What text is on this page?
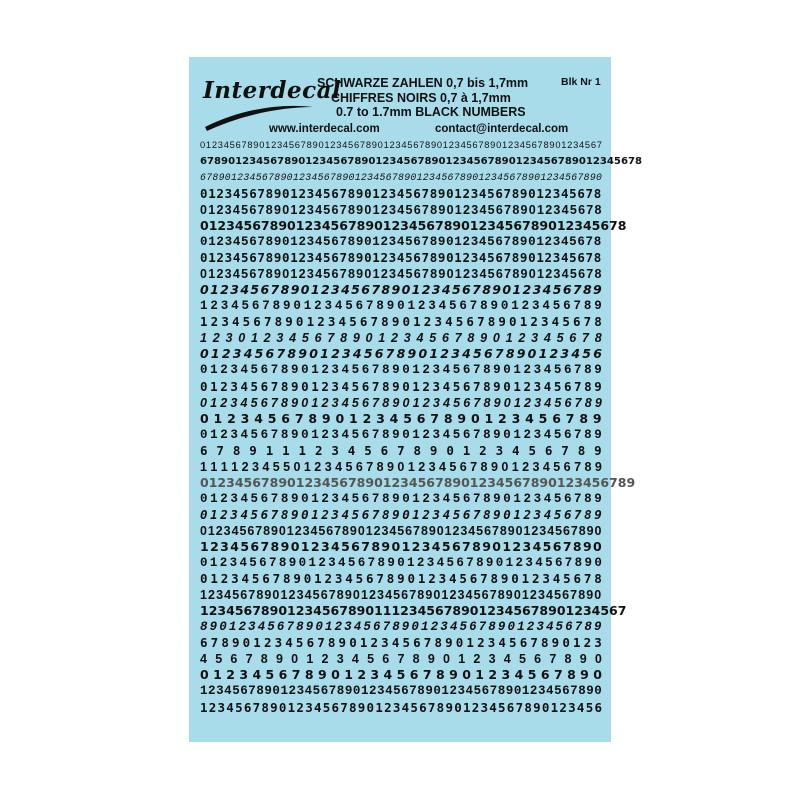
Interdecal
SCHWARZE ZAHLEN 0,7 bis 1,7mm
CHIFFRES NOIRS 0,7 à 1,7mm
0.7 to 1.7mm BLACK NUMBERS
Blk Nr 1
www.interdecal.com	contact@interdecal.com
0 1 2 3 4 5 6 7 8 9 0 1 2 3 4 5 6 7 8 9 0 1 2 3 4 5 6 7 8 9 0 1 2 3 4 5 6 7 8 9 0 1 2 3 4 5 6 7 8 9 0 1 2 3 4 5 6 7 8 9 0 1 2 3 4 5 6 7
6 7 8 9 0 1 2 3 4 5 6 7 8 9 0 1 2 3 4 5 6 7 8 9 0 1 2 3 4 5 6 7 8 9 0 1 2 3 4 5 6 7 8 9 0 1 2 3 4 5 6 7 8 9 0 1 2 3 4 5 6 7 8
6 7 8 9 0 1 2 3 4 5 6 7 8 9 0 1 2 3 4 5 6 7 8 9 0 1 2 3 4 5 6 7 8 9 0 1 2 3 4 5 6 7 8 9 0 1 2 3 4 5 6 7 8 9 0 1 2 3 4 5 6 7 8 9 0
0 1 2 3 4 5 6 7 8 9 0 1 2 3 4 5 6 7 8 9 0 1 2 3 4 5 6 7 8 9 0 1 2 3 4 5 6 7 8 9 0 1 2 3 4 5 6 7 8
0 1 2 3 4 5 6 7 8 9 0 1 2 3 4 5 6 7 8 9 0 1 2 3 4 5 6 7 8 9 0 1 2 3 4 5 6 7 8 9 0 1 2 3 4 5 6 7 8
0 1 2 3 4 5 6 7 8 9 0 1 2 3 4 5 6 7 8 9 0 1 2 3 4 5 6 7 8 9 0 1 2 3 4 5 6 7 8 9 0 1 2 3 4 5 6 7 8
0 1 2 3 4 5 6 7 8 9 0 1 2 3 4 5 6 7 8 9 0 1 2 3 4 5 6 7 8 9 0 1 2 3 4 5 6 7 8 9 0 1 2 3 4 5 6 7 8
0 1 2 3 4 5 6 7 8 9 0 1 2 3 4 5 6 7 8 9 0 1 2 3 4 5 6 7 8 9 0 1 2 3 4 5 6 7 8 9 0 1 2 3 4 5 6 7 8
0 1 2 3 4 5 6 7 8 9 0 1 2 3 4 5 6 7 8 9 0 1 2 3 4 5 6 7 8 9 0 1 2 3 4 5 6 7 8 9 0 1 2 3 4 5 6 7 8
0 1 2 3 4 5 6 7 8 9 0 1 2 3 4 5 6 7 8 9 0 1 2 3 4 5 6 7 8 9 0 1 2 3 4 5 6 7 8 9
1 2 3 4 5 6 7 8 9 0 1 2 3 4 5 6 7 8 9 0 1 2 3 4 5 6 7 8 9 0 1 2 3 4 5 6 7 8 9
1 2 3 4 5 6 7 8 9 0 1 2 3 4 5 6 7 8 9 0 1 2 3 4 5 6 7 8 9 0 1 2 3 4 5 6 7 8
1 2 3 0 1 2 3 4 5 6 7 8 9 0 1 2 3 4 5 6 7 8 9 0 1 2 3 4 5 6 7 8
0 1 2 3 4 5 6 7 8 9 0 1 2 3 4 5 6 7 8 9 0 1 2 3 4 5 6 7 8 9 0 1 2 3 4 5 6
0 1 2 3 4 5 6 7 8 9 0 1 2 3 4 5 6 7 8 9 0 1 2 3 4 5 6 7 8 9 0 1 2 3 4 5 6 7 8 9
0 1 2 3 4 5 6 7 8 9 0 1 2 3 4 5 6 7 8 9 0 1 2 3 4 5 6 7 8 9 0 1 2 3 4 5 6 7 8 9
0 1 2 3 4 5 6 7 8 9 0 1 2 3 4 5 6 7 8 9 0 1 2 3 4 5 6 7 8 9 0 1 2 3 4 5 6 7 8 9
0 1 2 3 4 5 6 7 8 9 0 1 2 3 4 5 6 7 8 9 0 1 2 3 4 5 6 7 8 9
0 1 2 3 4 5 6 7 8 9 0 1 2 3 4 5 6 7 8 9 0 1 2 3 4 5 6 7 8 9 0 1 2 3 4 5 6 7 8 9
6 7 8 9 1 1 1 2 3 4 5 6 7 8 9 0 1 2 3 4 5 6 7 8 9
1 1 1 1 2 3 4 5 5 0 1 2 3 4 5 6 7 8 9 0 1 2 3 4 5 6 7 8 9 0 1 2 3 4 5 6 7 8 9
0 1 2 3 4 5 6 7 8 9 0 1 2 3 4 5 6 7 8 9 0 1 2 3 4 5 6 7 8 9 0 1 2 3 4 5 6 7 8 9 0 1 2 3 4 5 6 7 8 9
0 1 2 3 4 5 6 7 8 9 0 1 2 3 4 5 6 7 8 9 0 1 2 3 4 5 6 7 8 9 0 1 2 3 4 5 6 7 8 9
0 1 2 3 4 5 6 7 8 9 0 1 2 3 4 5 6 7 8 9 0 1 2 3 4 5 6 7 8 9 0 1 2 3 4 5 6 7 8 9
0 1 2 3 4 5 6 7 8 9 0 1 2 3 4 5 6 7 8 9 0 1 2 3 4 5 6 7 8 9 0 1 2 3 4 5 6 7 8 9 0 1 2 3 4 5 6 7 8 9 0
1 2 3 4 5 6 7 8 9 0 1 2 3 4 5 6 7 8 9 0 1 2 3 4 5 6 7 8 9 0 1 2 3 4 5 6 7 8 9 0
0 1 2 3 4 5 6 7 8 9 0 1 2 3 4 5 6 7 8 9 0 1 2 3 4 5 6 7 8 9 0 1 2 3 4 5 6 7 8 9 0
0 1 2 3 4 5 6 7 8 9 0 1 2 3 4 5 6 7 8 9 0 1 2 3 4 5 6 7 8 9 0 1 2 3 4 5 6 7 8
1 2 3 4 5 6 7 8 9 0 1 2 3 4 5 6 7 8 9 0 1 2 3 4 5 6 7 8 9 0 1 2 3 4 5 6 7 8 9 0 1 2 3 4 5 6 7 8 9 0
1 2 3 4 5 6 7 8 9 0 1 2 3 4 5 6 7 8 9 0 1 1 1 2 3 4 5 6 7 8 9 0 1 2 3 4 5 6 7 8 9 0 1 2 3 4 5 6 7
8 9 0 1 2 3 4 5 6 7 8 9 0 1 2 3 4 5 6 7 8 9 0 1 2 3 4 5 6 7 8 9 0 1 2 3 4 5 6 7 8 9
6 7 8 9 0 1 2 3 4 5 6 7 8 9 0 1 2 3 4 5 6 7 8 9 0 1 2 3 4 5 6 7 8 9 0 1 2 3
4 5 6 7 8 9 0 1 2 3 4 5 6 7 8 9 0 1 2 3 4 5 6 7 8 9 0
0 1 2 3 4 5 6 7 8 9 0 1 2 3 4 5 6 7 8 9 0 1 2 3 4 5 6 7 8 9 0
1 2 3 4 5 6 7 8 9 0 1 2 3 4 5 6 7 8 9 0 1 2 3 4 5 6 7 8 9 0 1 2 3 4 5 6 7 8 9 0 1 2 3 4 5 6 7 8 9 0
1 2 3 4 5 6 7 8 9 0 1 2 3 4 5 6 7 8 9 0 1 2 3 4 5 6 7 8 9 0 1 2 3 4 5 6 7 8 9 0 1 2 3 4 5 6
